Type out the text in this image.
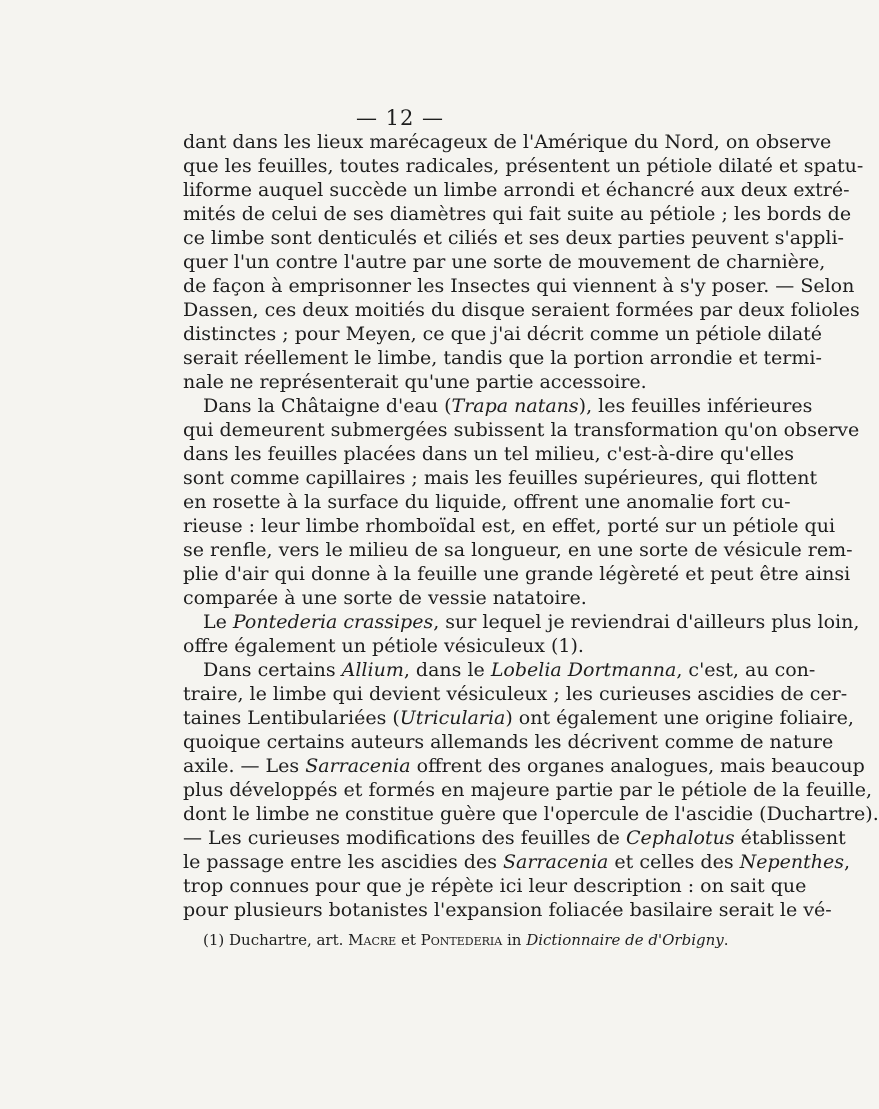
— 12 —
dant dans les lieux marécageux de l'Amérique du Nord, on observe
que les feuilles, toutes radicales, présentent un pétiole dilaté et spatu-
liforme auquel succède un limbe arrondi et échancré aux deux extré-
mités de celui de ses diamètres qui fait suite au pétiole ; les bords de
ce limbe sont denticulés et ciliés et ses deux parties peuvent s'appli-
quer l'un contre l'autre par une sorte de mouvement de charnière,
de façon à emprisonner les Insectes qui viennent à s'y poser. — Selon
Dassen, ces deux moitiés du disque seraient formées par deux folioles
distinctes ; pour Meyen, ce que j'ai décrit comme un pétiole dilaté
serait réellement le limbe, tandis que la portion arrondie et termi-
nale ne représenterait qu'une partie accessoire.
Dans la Châtaigne d'eau (Trapa natans), les feuilles inférieures
qui demeurent submergées subissent la transformation qu'on observe
dans les feuilles placées dans un tel milieu, c'est-à-dire qu'elles
sont comme capillaires ; mais les feuilles supérieures, qui flottent
en rosette à la surface du liquide, offrent une anomalie fort cu-
rieuse : leur limbe rhomboïdal est, en effet, porté sur un pétiole qui
se renfle, vers le milieu de sa longueur, en une sorte de vésicule rem-
plie d'air qui donne à la feuille une grande légèreté et peut être ainsi
comparée à une sorte de vessie natatoire.
Le Pontederia crassipes, sur lequel je reviendrai d'ailleurs plus loin,
offre également un pétiole vésiculeux (1).
Dans certains Allium, dans le Lobelia Dortmanna, c'est, au con-
traire, le limbe qui devient vésiculeux ; les curieuses ascidies de cer-
taines Lentibulariées (Utricularia) ont également une origine foliaire,
quoique certains auteurs allemands les décrivent comme de nature
axile. — Les Sarracenia offrent des organes analogues, mais beaucoup
plus développés et formés en majeure partie par le pétiole de la feuille,
dont le limbe ne constitue guère que l'opercule de l'ascidie (Duchartre).
— Les curieuses modifications des feuilles de Cephalotus établissent
le passage entre les ascidies des Sarracenia et celles des Nepenthes,
trop connues pour que je répète ici leur description : on sait que
pour plusieurs botanistes l'expansion foliacée basilaire serait le vé-
(1) Duchartre, art. Macre et Pontederia in Dictionnaire de d'Orbigny.
